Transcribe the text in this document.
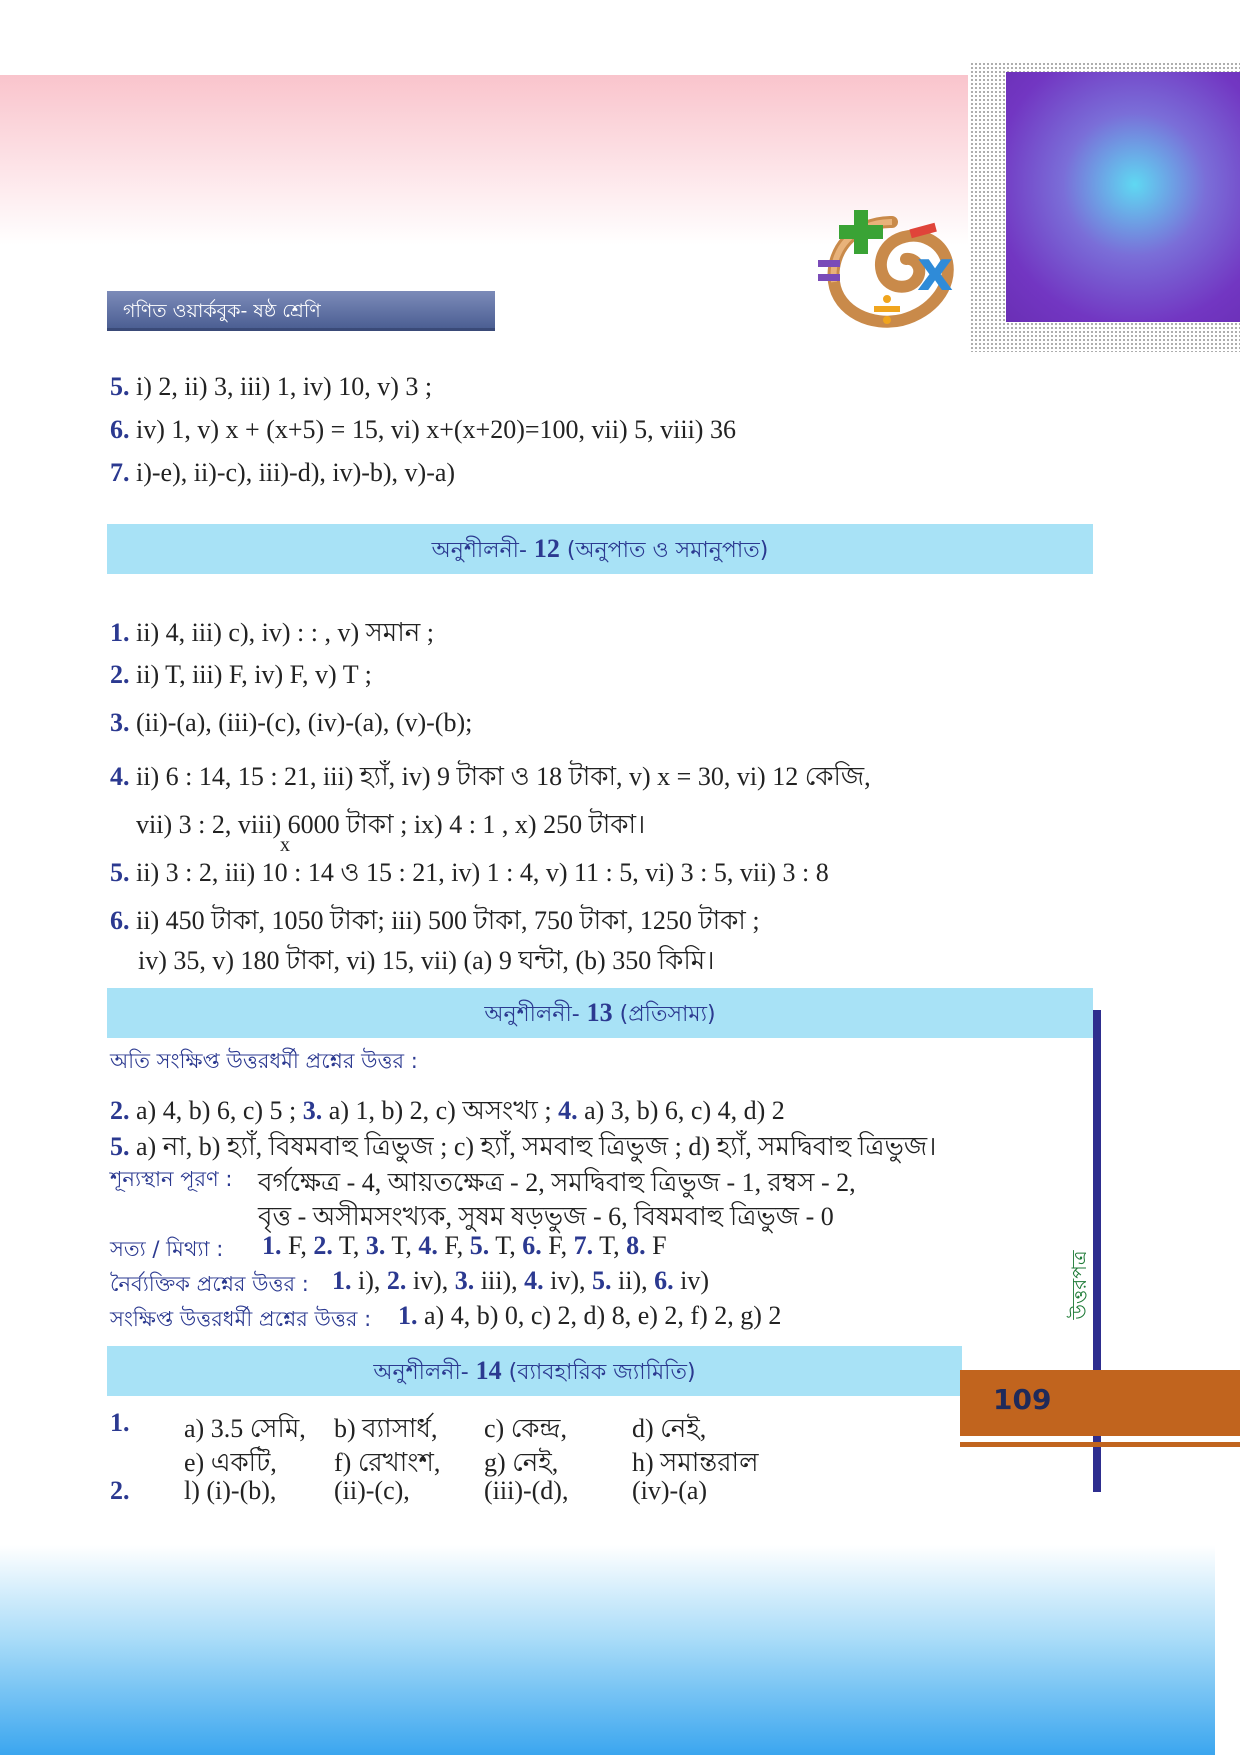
x
গণিত ওয়ার্কবুক- ষষ্ঠ শ্রেণি
5. i) 2, ii) 3, iii) 1, iv) 10, v) 3 ;
6. iv) 1, v) x + (x+5) = 15, vi) x+(x+20)=100, vii) 5, viii) 36
7. i)-e), ii)-c), iii)-d), iv)-b), v)-a)
অনুশীলনী- 12 (অনুপাত ও সমানুপাত)
1. ii) 4, iii) c), iv) : : , v) সমান ;
2. ii) T, iii) F, iv) F, v) T ;
3. (ii)-(a), (iii)-(c), (iv)-(a), (v)-(b);
4. ii) 6 : 14, 15 : 21, iii) হ্যাঁ, iv) 9 টাকা ও 18 টাকা, v) x = 30, vi) 12 কেজি,
vii) 3 : 2, viii) 6000 টাকা ; ix) 4 : 1 , x) 250 টাকা।
x
5. ii) 3 : 2, iii) 10 : 14 ও 15 : 21, iv) 1 : 4, v) 11 : 5, vi) 3 : 5, vii) 3 : 8
6. ii) 450 টাকা, 1050 টাকা; iii) 500 টাকা, 750 টাকা, 1250 টাকা ;
iv) 35, v) 180 টাকা, vi) 15, vii) (a) 9 ঘন্টা, (b) 350 কিমি।
অনুশীলনী- 13 (প্রতিসাম্য)
অতি সংক্ষিপ্ত উত্তরধর্মী প্রশ্নের উত্তর :
2. a) 4, b) 6, c) 5 ; 3. a) 1, b) 2, c) অসংখ্য ; 4. a) 3, b) 6, c) 4, d) 2
5. a) না, b) হ্যাঁ, বিষমবাহু ত্রিভুজ ; c) হ্যাঁ, সমবাহু ত্রিভুজ ; d) হ্যাঁ, সমদ্বিবাহু ত্রিভুজ।
শূন্যস্থান পূরণ : বর্গক্ষেত্র - 4, আয়তক্ষেত্র - 2, সমদ্বিবাহু ত্রিভুজ - 1, রম্বস - 2,
বৃত্ত - অসীমসংখ্যক, সুষম ষড়ভুজ - 6, বিষমবাহু ত্রিভুজ - 0
সত্য / মিথ্যা : 1. F, 2. T, 3. T, 4. F, 5. T, 6. F, 7. T, 8. F
নৈর্ব্যক্তিক প্রশ্নের উত্তর : 1. i), 2. iv), 3. iii), 4. iv), 5. ii), 6. iv)
সংক্ষিপ্ত উত্তরধর্মী প্রশ্নের উত্তর : 1. a) 4, b) 0, c) 2, d) 8, e) 2, f) 2, g) 2
অনুশীলনী- 14 (ব্যাবহারিক জ্যামিতি)
1. a) 3.5 সেমি, b) ব্যাসার্ধ, c) কেন্দ্র,	d) নেই,
e) একটি, f) রেখাংশ, g) নেই,	h) সমান্তরাল
2. l) (i)-(b), (ii)-(c),	(iii)-(d), (iv)-(a)
উত্তরপত্র
109
